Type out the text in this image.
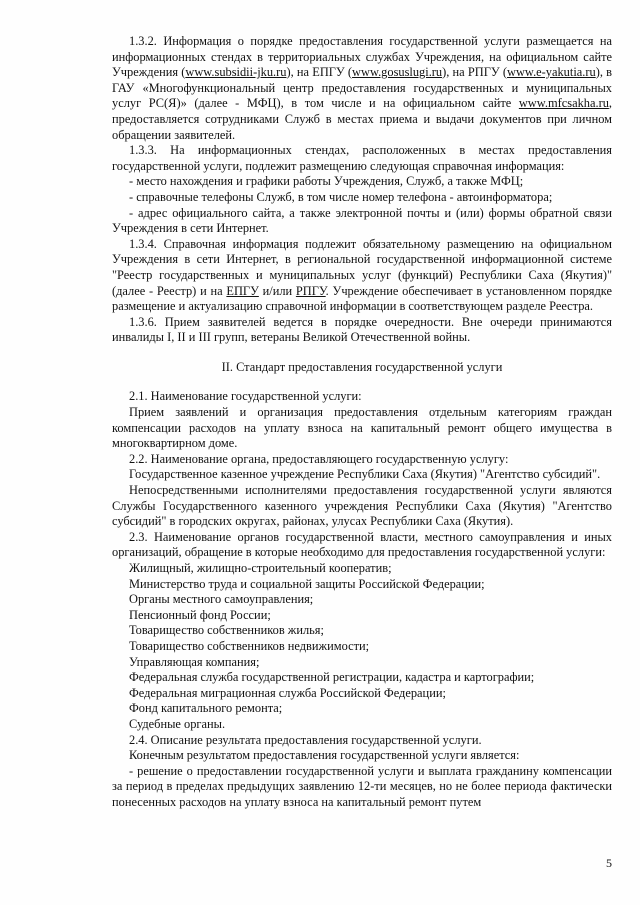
1.3.2. Информация о порядке предоставления государственной услуги размещается на информационных стендах в территориальных службах Учреждения, на официальном сайте Учреждения (www.subsidii-jku.ru), на ЕПГУ (www.gosuslugi.ru), на РПГУ (www.e-yakutia.ru), в ГАУ «Многофункциональный центр предоставления государственных и муниципальных услуг РС(Я)» (далее - МФЦ), в том числе и на официальном сайте www.mfcsakha.ru, предоставляется сотрудниками Служб в местах приема и выдачи документов при личном обращении заявителей.

1.3.3. На информационных стендах, расположенных в местах предоставления государственной услуги, подлежит размещению следующая справочная информация:

- место нахождения и графики работы Учреждения, Служб, а также МФЦ;

- справочные телефоны Служб, в том числе номер телефона - автоинформатора;

- адрес официального сайта, а также электронной почты и (или) формы обратной связи Учреждения в сети Интернет.

1.3.4. Справочная информация подлежит обязательному размещению на официальном Учреждения в сети Интернет, в региональной государственной информационной системе "Реестр государственных и муниципальных услуг (функций) Республики Саха (Якутия)" (далее - Реестр) и на ЕПГУ и/или РПГУ. Учреждение обеспечивает в установленном порядке размещение и актуализацию справочной информации в соответствующем разделе Реестра.

1.3.6. Прием заявителей ведется в порядке очередности. Вне очереди принимаются инвалиды I, II и III групп, ветераны Великой Отечественной войны.

II. Стандарт предоставления государственной услуги

2.1. Наименование государственной услуги:

Прием заявлений и организация предоставления отдельным категориям граждан компенсации расходов на уплату взноса на капитальный ремонт общего имущества в многоквартирном доме.

2.2. Наименование органа, предоставляющего государственную услугу:

Государственное казенное учреждение Республики Саха (Якутия) "Агентство субсидий".

Непосредственными исполнителями предоставления государственной услуги являются Службы Государственного казенного учреждения Республики Саха (Якутия) "Агентство субсидий" в городских округах, районах, улусах Республики Саха (Якутия).

2.3. Наименование органов государственной власти, местного самоуправления и иных организаций, обращение в которые необходимо для предоставления государственной услуги:

Жилищный, жилищно-строительный кооператив;

Министерство труда и социальной защиты Российской Федерации;

Органы местного самоуправления;

Пенсионный фонд России;

Товарищество собственников жилья;

Товарищество собственников недвижимости;

Управляющая компания;

Федеральная служба государственной регистрации, кадастра и картографии;

Федеральная миграционная служба Российской Федерации;

Фонд капитального ремонта;

Судебные органы.

2.4. Описание результата предоставления государственной услуги.

Конечным результатом предоставления государственной услуги является:

- решение о предоставлении государственной услуги и выплата гражданину компенсации за период в пределах предыдущих заявлению 12-ти месяцев, но не более периода фактически понесенных расходов на уплату взноса на капитальный ремонт путем

5
